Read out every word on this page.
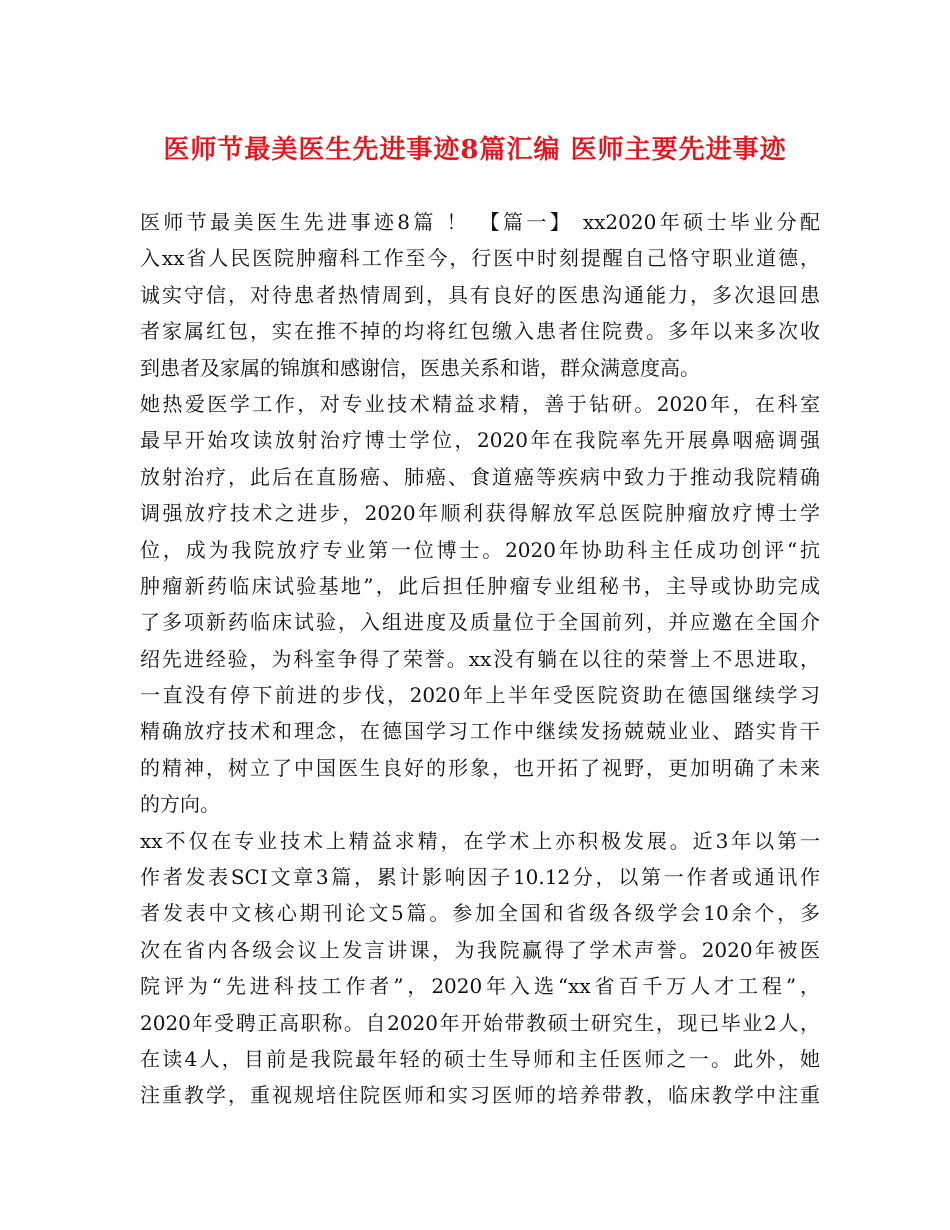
医师节最美医生先进事迹8篇汇编 医师主要先进事迹
医师节最美医生先进事迹8篇 ！ 【篇一】 xx2020年硕士毕业分配
入xx省人民医院肿瘤科工作至今，行医中时刻提醒自己恪守职业道德，
诚实守信，对待患者热情周到，具有良好的医患沟通能力，多次退回患
者家属红包，实在推不掉的均将红包缴入患者住院费。多年以来多次收
到患者及家属的锦旗和感谢信，医患关系和谐，群众满意度高。
她热爱医学工作，对专业技术精益求精，善于钻研。2020年，在科室
最早开始攻读放射治疗博士学位，2020年在我院率先开展鼻咽癌调强
放射治疗，此后在直肠癌、肺癌、食道癌等疾病中致力于推动我院精确
调强放疗技术之进步，2020年顺利获得解放军总医院肿瘤放疗博士学
位，成为我院放疗专业第一位博士。2020年协助科主任成功创评“抗
肿瘤新药临床试验基地”，此后担任肿瘤专业组秘书，主导或协助完成
了多项新药临床试验，入组进度及质量位于全国前列，并应邀在全国介
绍先进经验，为科室争得了荣誉。xx没有躺在以往的荣誉上不思进取，
一直没有停下前进的步伐，2020年上半年受医院资助在德国继续学习
精确放疗技术和理念，在德国学习工作中继续发扬兢兢业业、踏实肯干
的精神，树立了中国医生良好的形象，也开拓了视野，更加明确了未来
的方向。
xx不仅在专业技术上精益求精，在学术上亦积极发展。近3年以第一
作者发表SCI文章3篇，累计影响因子10.12分，以第一作者或通讯作
者发表中文核心期刊论文5篇。参加全国和省级各级学会10余个，多
次在省内各级会议上发言讲课，为我院赢得了学术声誉。2020年被医
院评为“先进科技工作者”，2020年入选“xx省百千万人才工程”，
2020年受聘正高职称。自2020年开始带教硕士研究生，现已毕业2人，
在读4人，目前是我院最年轻的硕士生导师和主任医师之一。此外，她
注重教学，重视规培住院医师和实习医师的培养带教，临床教学中注重
